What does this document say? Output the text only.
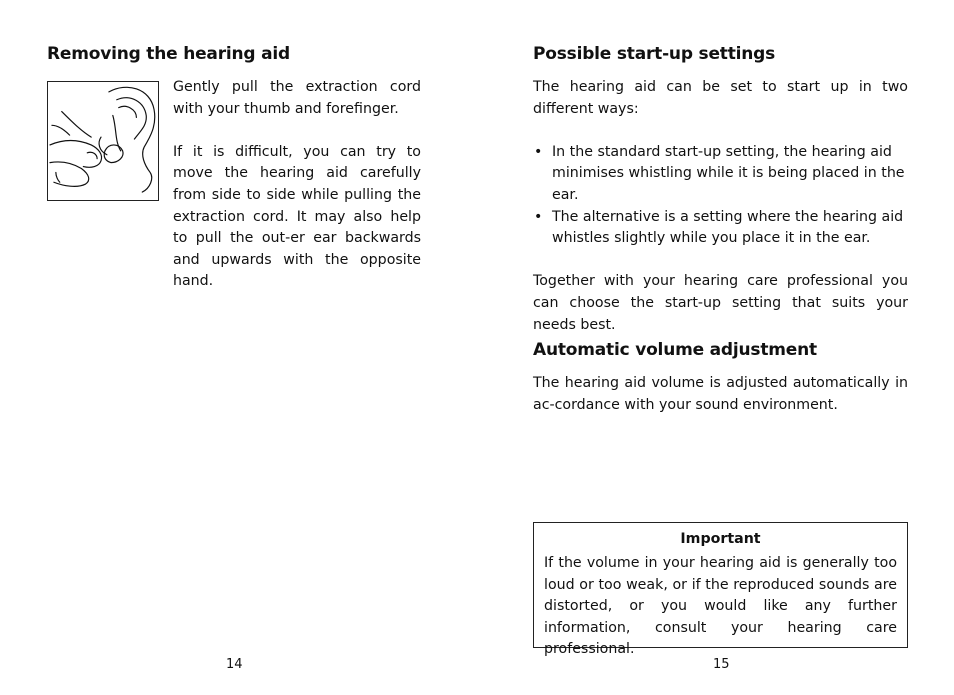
Removing the hearing aid

Gently pull the extraction cord with your thumb and forefinger.

If it is difficult, you can try to move the hearing aid carefully from side to side while pulling the extraction cord. It may also help to pull the out-er ear backwards and upwards with the opposite hand.

14
Possible start-up settings

The hearing aid can be set to start up in two different ways:

• In the standard start-up setting, the hearing aid minimises whistling while it is being placed in the ear.
• The alternative is a setting where the hearing aid whistles slightly while you place it in the ear.

Together with your hearing care professional you can choose the start-up setting that suits your needs best.

Automatic volume adjustment

The hearing aid volume is adjusted automatically in ac-cordance with your sound environment.

Important
If the volume in your hearing aid is generally too loud or too weak, or if the reproduced sounds are distorted, or you would like any further information, consult your hearing care professional.
15
